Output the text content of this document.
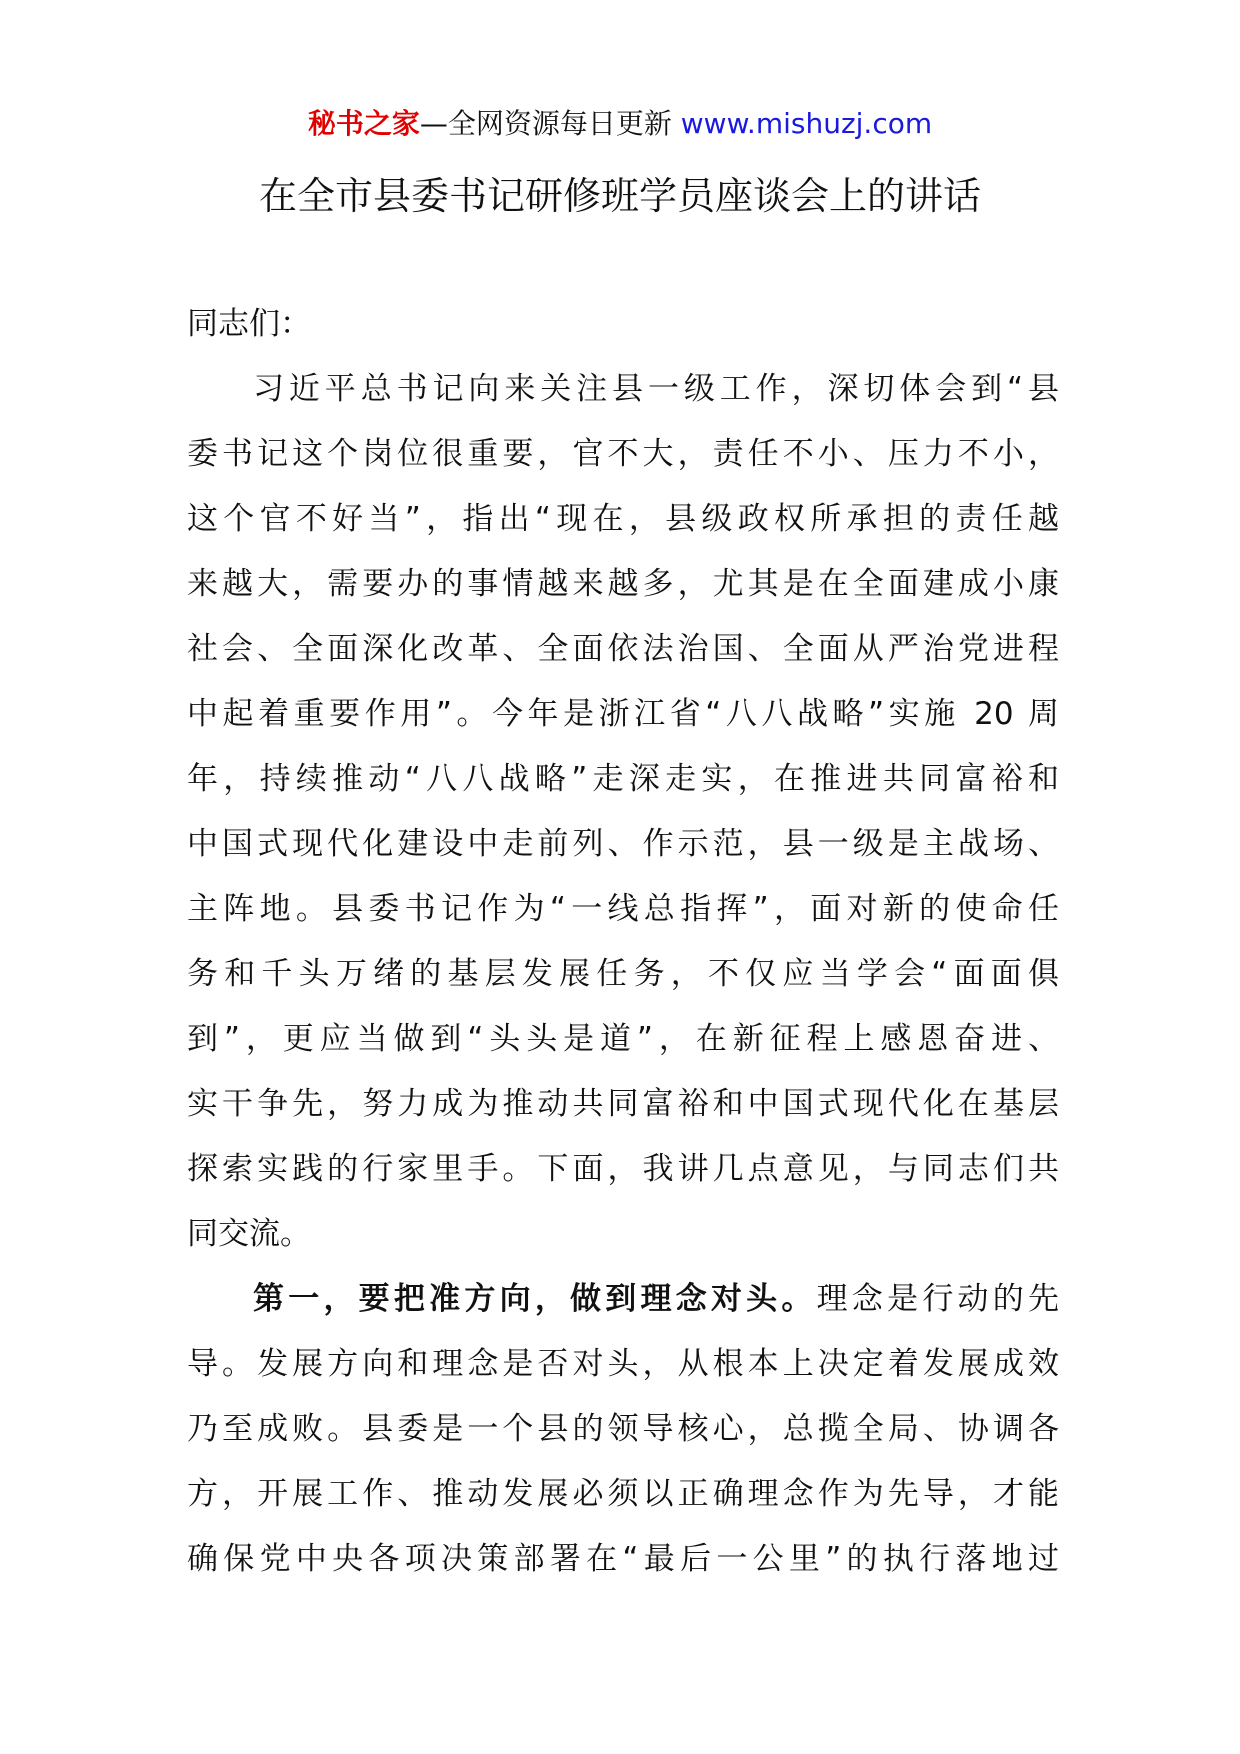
秘书之家—全网资源每日更新 www.mishuzj.com
在全市县委书记研修班学员座谈会上的讲话
同志们：
习近平总书记向来关注县一级工作，深切体会到“县
委书记这个岗位很重要，官不大，责任不小、压力不小，
这个官不好当”，指出“现在，县级政权所承担的责任越
来越大，需要办的事情越来越多，尤其是在全面建成小康
社会、全面深化改革、全面依法治国、全面从严治党进程
中起着重要作用”。今年是浙江省“八八战略”实施 20 周
年，持续推动“八八战略”走深走实，在推进共同富裕和
中国式现代化建设中走前列、作示范，县一级是主战场、
主阵地。县委书记作为“一线总指挥”，面对新的使命任
务和千头万绪的基层发展任务，不仅应当学会“面面俱
到”，更应当做到“头头是道”，在新征程上感恩奋进、
实干争先，努力成为推动共同富裕和中国式现代化在基层
探索实践的行家里手。下面，我讲几点意见，与同志们共
同交流。
第一，要把准方向，做到理念对头。理念是行动的先
导。发展方向和理念是否对头，从根本上决定着发展成效
乃至成败。县委是一个县的领导核心，总揽全局、协调各
方，开展工作、推动发展必须以正确理念作为先导，才能
确保党中央各项决策部署在“最后一公里”的执行落地过
